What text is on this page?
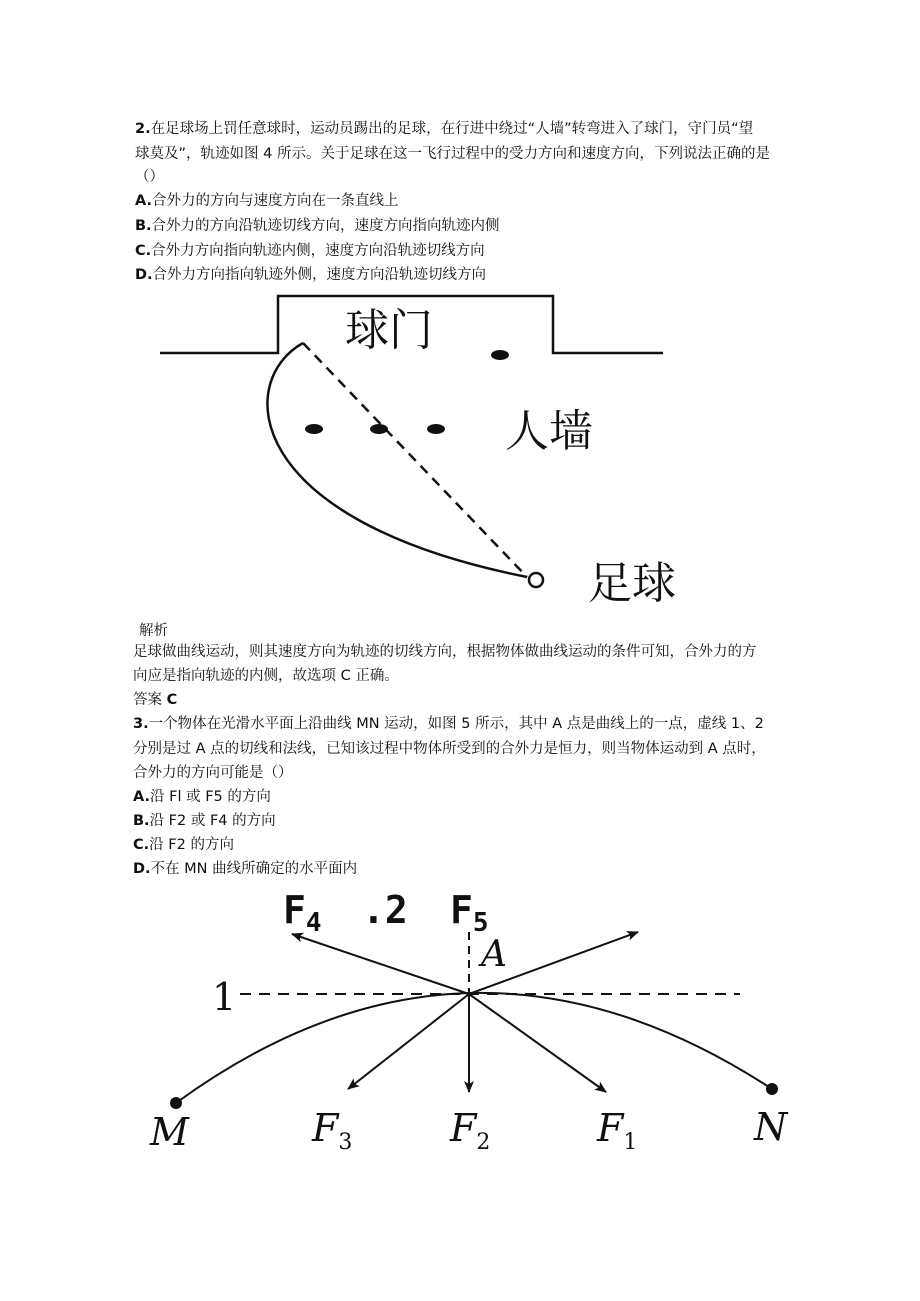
2.在足球场上罚任意球时，运动员踢出的足球，在行进中绕过“人墙”转弯进入了球门，守门员“望
球莫及”，轨迹如图 4 所示。关于足球在这一飞行过程中的受力方向和速度方向，下列说法正确的是
（）
A.合外力的方向与速度方向在一条直线上
B.合外力的方向沿轨迹切线方向，速度方向指向轨迹内侧
C.合外力方向指向轨迹内侧，速度方向沿轨迹切线方向
D.合外力方向指向轨迹外侧，速度方向沿轨迹切线方向
球门
人墙
足球
解析
足球做曲线运动，则其速度方向为轨迹的切线方向，根据物体做曲线运动的条件可知，合外力的方
向应是指向轨迹的内侧，故选项 C 正确。
答案 C
3.一个物体在光滑水平面上沿曲线 MN 运动，如图 5 所示，其中 A 点是曲线上的一点，虚线 1、2
分别是过 A 点的切线和法线，已知该过程中物体所受到的合外力是恒力，则当物体运动到 A 点时，
合外力的方向可能是（）
A.沿 Fl 或 F5 的方向
B.沿 F2 或 F4 的方向
C.沿 F2 的方向
D.不在 MN 曲线所确定的水平面内
$F_4$ .2 $F_5$
A
1
M	N
$F_3$	$F_2$	$F_1$
